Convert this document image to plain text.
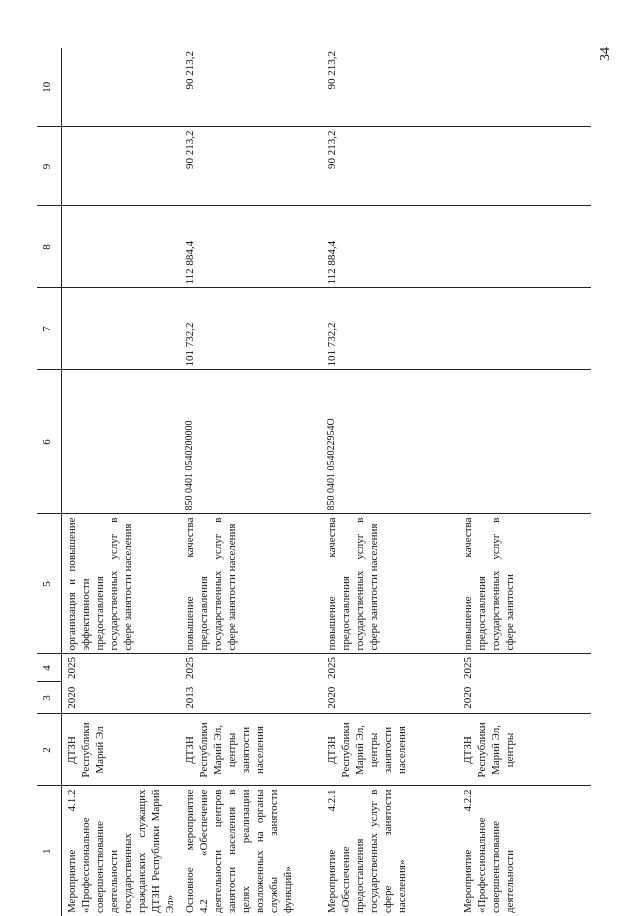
34
1	2	3	4	5	6	7	8	9	10
Мероприятие 4.1.2 «Профессиональное совершенствование деятельности государственных гражданских служащих ДТЗН Республики Марий Эл»	ДТЗН Республики Марий Эл	2020	2025	организация и повышение эффективности предоставления государственных услуг в сфере занятости населения					
Основное мероприятие 4.2 «Обеспечение деятельности центров занятости населения в целях реализации возложенных на органы службы занятости функций»	ДТЗН Республики Марий Эл, центры занятости населения	2013	2025	повышение качества предоставления государственных услуг в сфере занятости населения	850 0401 0540200000	101 732,2	112 884,4	90 213,2	90 213,2
Мероприятие 4.2.1 «Обеспечение предоставления государственных услуг в сфере занятости населения»	ДТЗН Республики Марий Эл, центры занятости населения	2020	2025	повышение качества предоставления государственных услуг в сфере занятости населения	850 0401 054022954О	101 732,2	112 884,4	90 213,2	90 213,2
Мероприятие 4.2.2 «Профессиональное совершенствование деятельности	ДТЗН Республики Марий Эл, центры	2020	2025	повышение качества предоставления государственных услуг в сфере занятости					
